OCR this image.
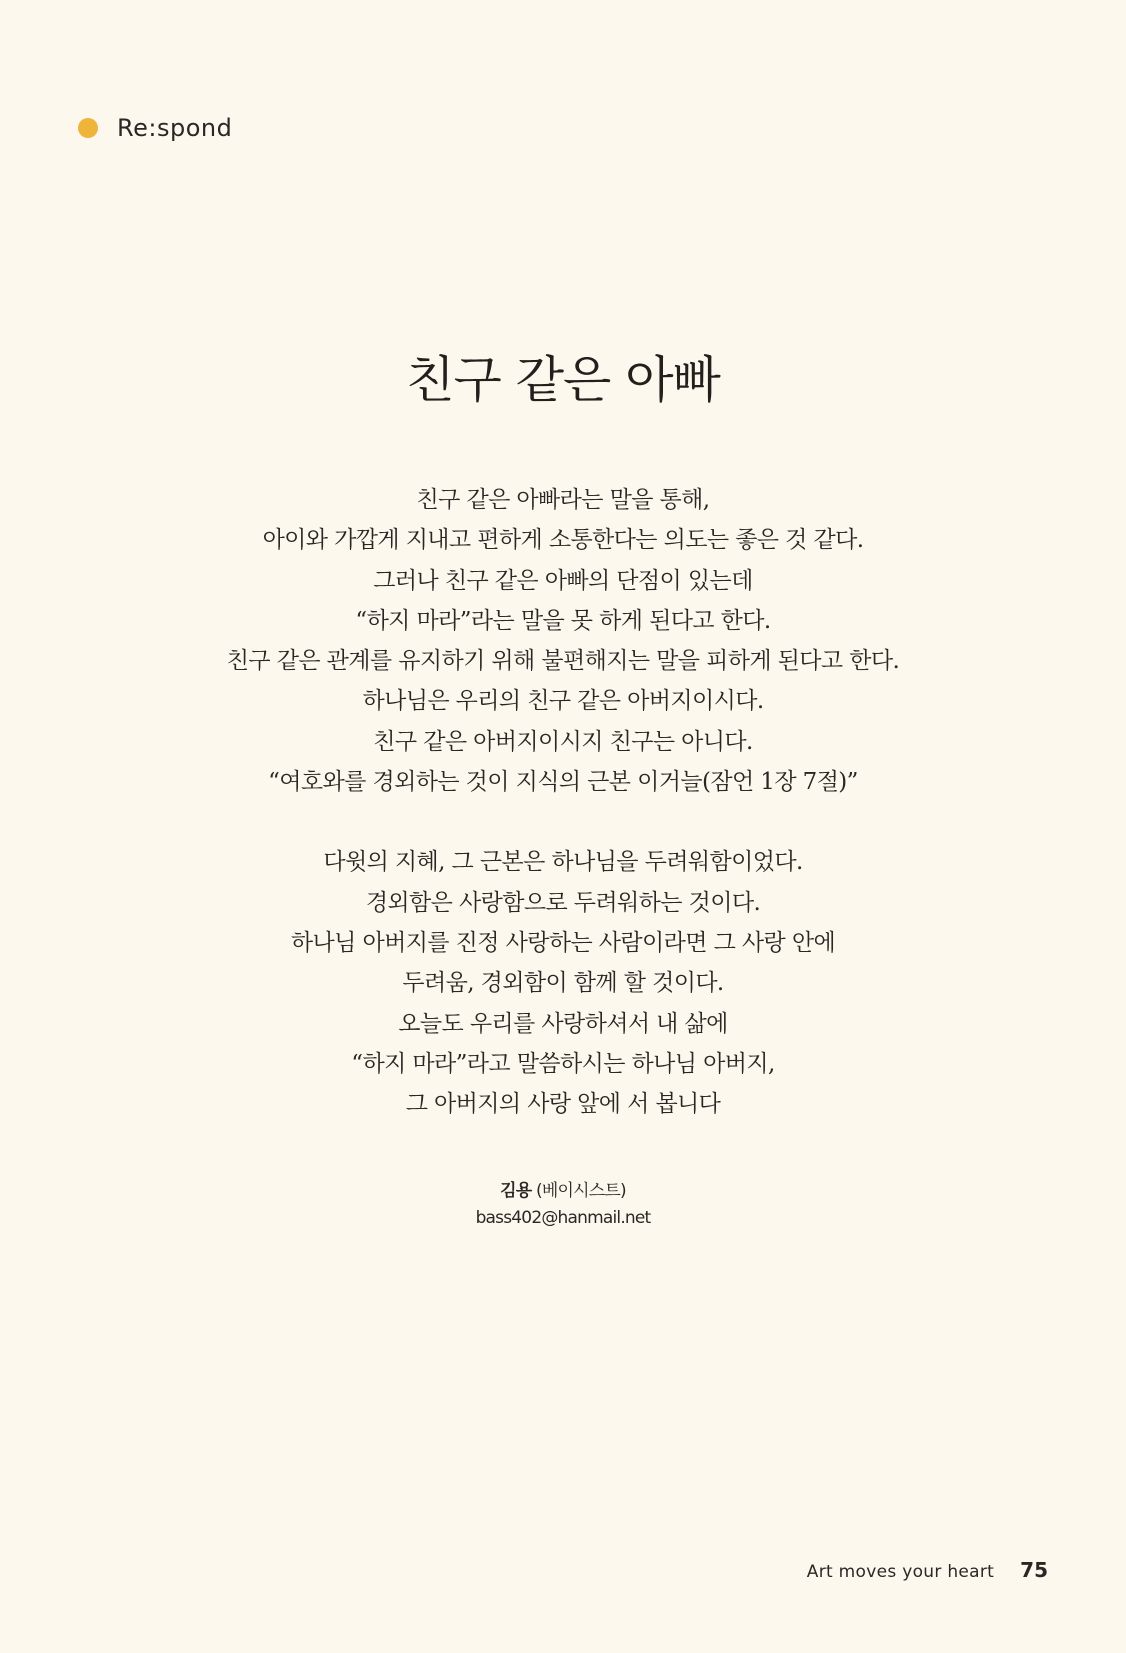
Re:spond
친구 같은 아빠
친구 같은 아빠라는 말을 통해,
아이와 가깝게 지내고 편하게 소통한다는 의도는 좋은 것 같다.
그러나 친구 같은 아빠의 단점이 있는데
“하지 마라”라는 말을 못 하게 된다고 한다.
친구 같은 관계를 유지하기 위해 불편해지는 말을 피하게 된다고 한다.
하나님은 우리의 친구 같은 아버지이시다.
친구 같은 아버지이시지 친구는 아니다.
“여호와를 경외하는 것이 지식의 근본 이거늘(잠언 1장 7절)”
다윗의 지혜, 그 근본은 하나님을 두려워함이었다.
경외함은 사랑함으로 두려워하는 것이다.
하나님 아버지를 진정 사랑하는 사람이라면 그 사랑 안에
두려움, 경외함이 함께 할 것이다.
오늘도 우리를 사랑하셔서 내 삶에
“하지 마라”라고 말씀하시는 하나님 아버지,
그 아버지의 사랑 앞에 서 봅니다
김용 (베이시스트)
bass402@hanmail.net
Art moves your heart 75
